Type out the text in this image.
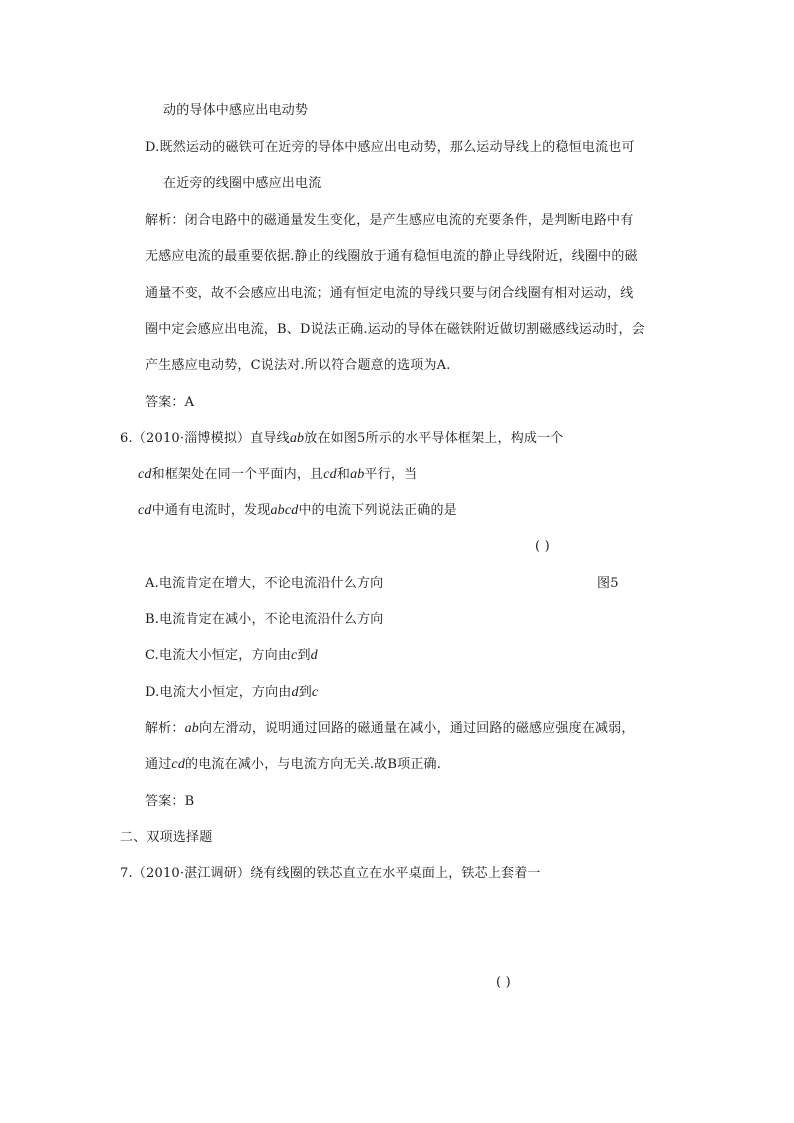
动的导体中感应出电动势
D.既然运动的磁铁可在近旁的导体中感应出电动势，那么运动导线上的稳恒电流也可
在近旁的线圈中感应出电流
解析：闭合电路中的磁通量发生变化，是产生感应电流的充要条件，是判断电路中有
无感应电流的最重要依据.静止的线圈放于通有稳恒电流的静止导线附近，线圈中的磁
通量不变，故不会感应出电流；通有恒定电流的导线只要与闭合线圈有相对运动，线
圈中定会感应出电流，B、D说法正确.运动的导体在磁铁附近做切割磁感线运动时，会
产生感应电动势，C说法对.所以符合题意的选项为A.
答案：A
6.（2010·淄博模拟）直导线ab放在如图5所示的水平导体框架上，构成一个
cd和框架处在同一个平面内，且cd和ab平行，当
cd中通有电流时，发现abcd中的电流下列说法正确的是
( )
A.电流肯定在增大，不论电流沿什么方向	图5
B.电流肯定在减小，不论电流沿什么方向
C.电流大小恒定，方向由c到d
D.电流大小恒定，方向由d到c
解析：ab向左滑动，说明通过回路的磁通量在减小，通过回路的磁感应强度在减弱，
通过cd的电流在减小，与电流方向无关.故B项正确.
答案：B
二、双项选择题
7.（2010·湛江调研）绕有线圈的铁芯直立在水平桌面上，铁芯上套着一
( )
